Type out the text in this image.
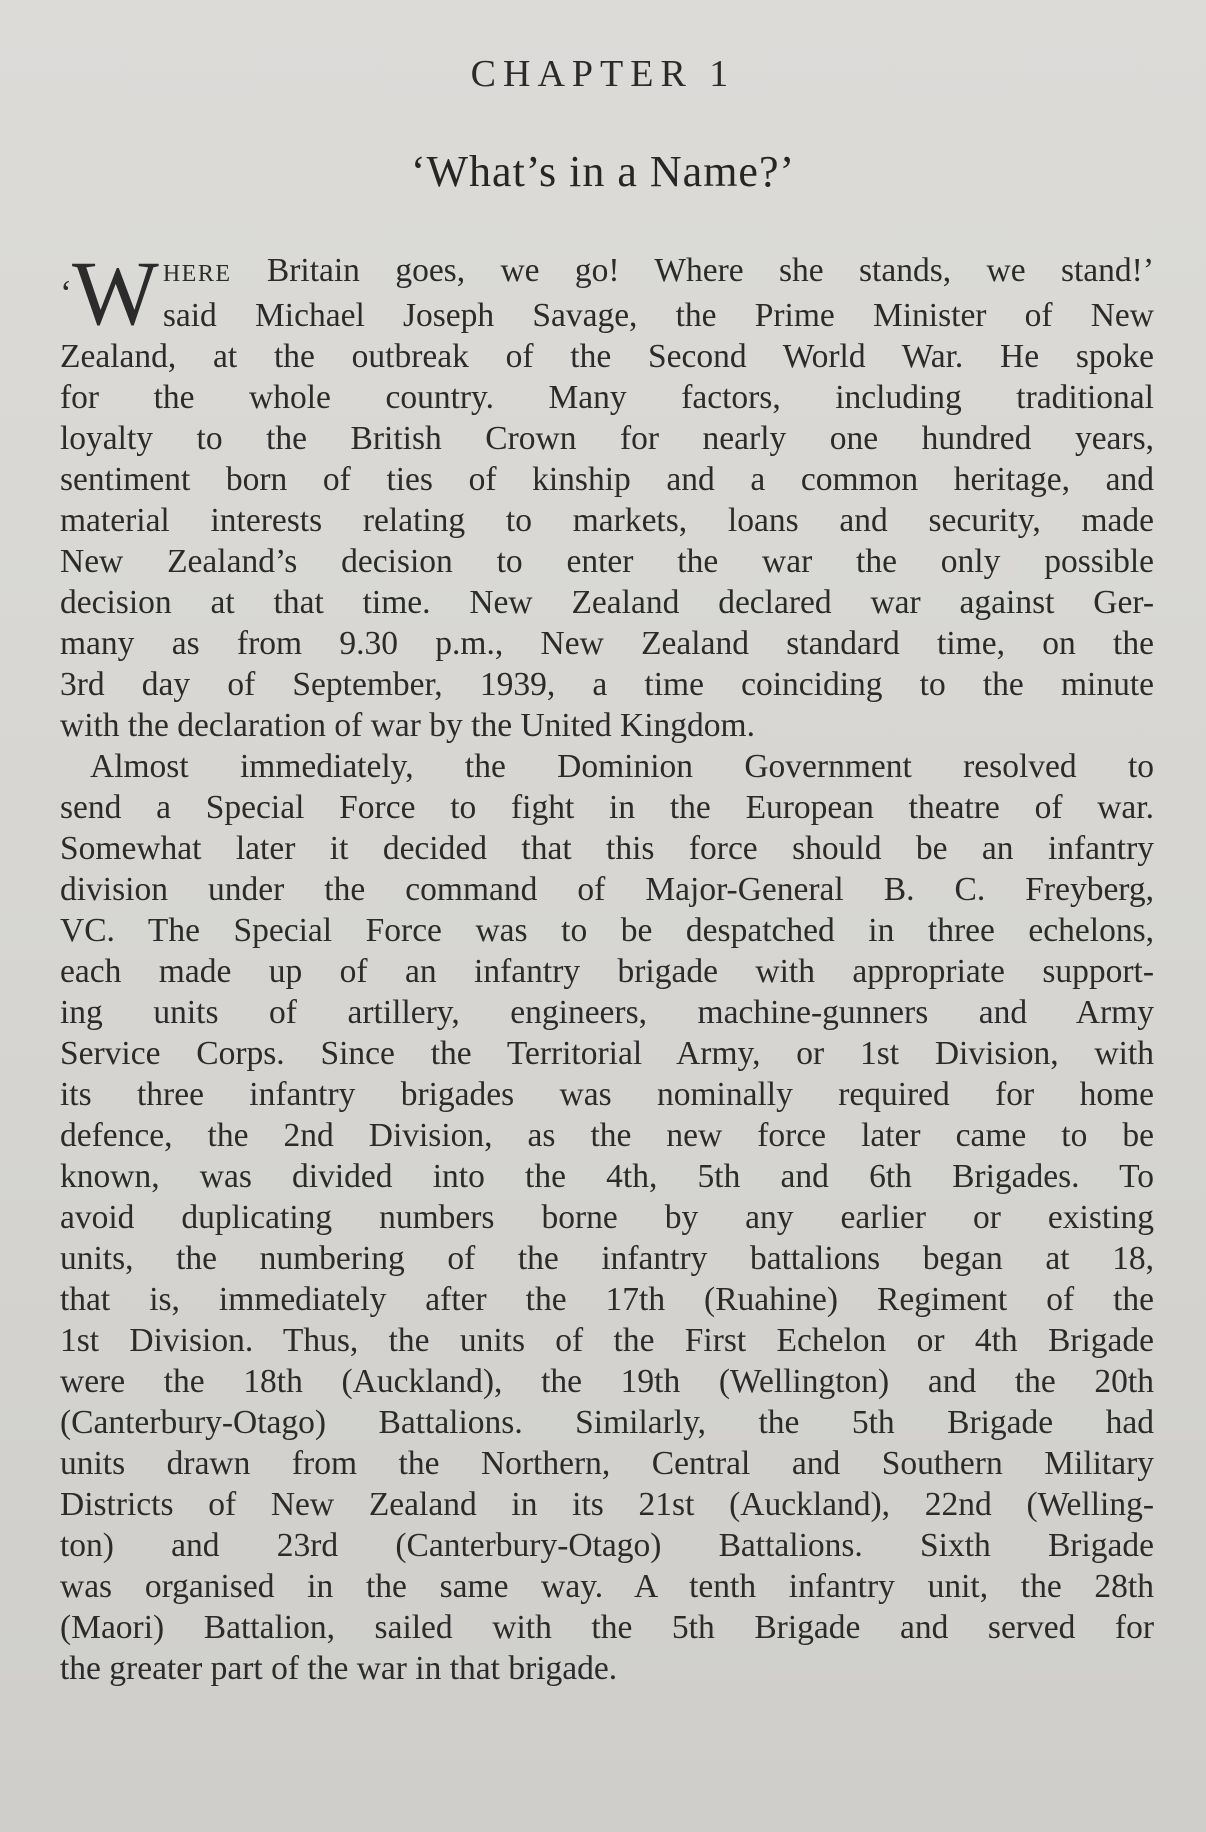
CHAPTER 1
‘What’s in a Name?’
‘W HERE Britain goes, we go! Where she stands, we stand!’
said Michael Joseph Savage, the Prime Minister of New
Zealand, at the outbreak of the Second World War. He spoke
for the whole country. Many factors, including traditional
loyalty to the British Crown for nearly one hundred years,
sentiment born of ties of kinship and a common heritage, and
material interests relating to markets, loans and security, made
New Zealand’s decision to enter the war the only possible
decision at that time. New Zealand declared war against Ger-
many as from 9.30 p.m., New Zealand standard time, on the
3rd day of September, 1939, a time coinciding to the minute
with the declaration of war by the United Kingdom.
Almost immediately, the Dominion Government resolved to
send a Special Force to fight in the European theatre of war.
Somewhat later it decided that this force should be an infantry
division under the command of Major-General B. C. Freyberg,
VC. The Special Force was to be despatched in three echelons,
each made up of an infantry brigade with appropriate support-
ing units of artillery, engineers, machine-gunners and Army
Service Corps. Since the Territorial Army, or 1st Division, with
its three infantry brigades was nominally required for home
defence, the 2nd Division, as the new force later came to be
known, was divided into the 4th, 5th and 6th Brigades. To
avoid duplicating numbers borne by any earlier or existing
units, the numbering of the infantry battalions began at 18,
that is, immediately after the 17th (Ruahine) Regiment of the
1st Division. Thus, the units of the First Echelon or 4th Brigade
were the 18th (Auckland), the 19th (Wellington) and the 20th
(Canterbury-Otago) Battalions. Similarly, the 5th Brigade had
units drawn from the Northern, Central and Southern Military
Districts of New Zealand in its 21st (Auckland), 22nd (Welling-
ton) and 23rd (Canterbury-Otago) Battalions. Sixth Brigade
was organised in the same way. A tenth infantry unit, the 28th
(Maori) Battalion, sailed with the 5th Brigade and served for
the greater part of the war in that brigade.
